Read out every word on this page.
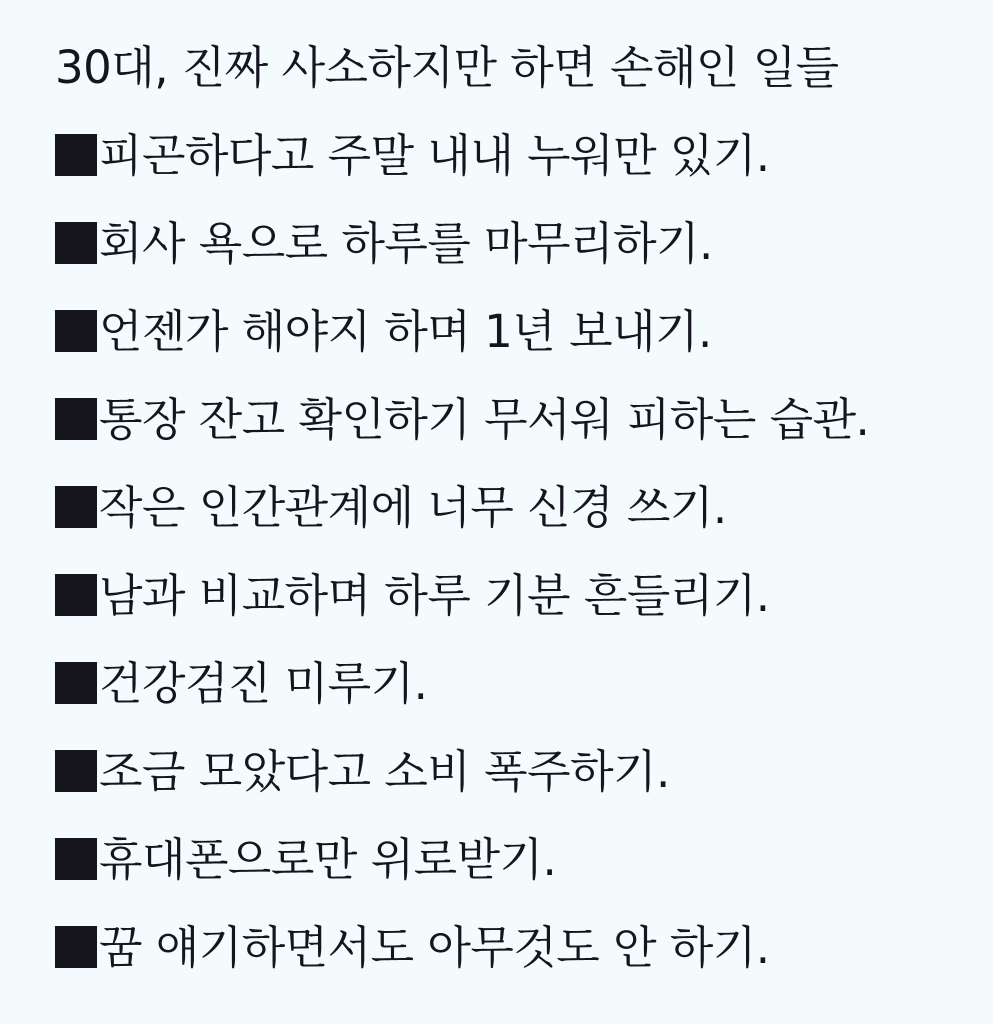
30대, 진짜 사소하지만 하면 손해인 일들
피곤하다고 주말 내내 누워만 있기.
회사 욕으로 하루를 마무리하기.
언젠가 해야지 하며 1년 보내기.
통장 잔고 확인하기 무서워 피하는 습관.
작은 인간관계에 너무 신경 쓰기.
남과 비교하며 하루 기분 흔들리기.
건강검진 미루기.
조금 모았다고 소비 폭주하기.
휴대폰으로만 위로받기.
꿈 얘기하면서도 아무것도 안 하기.
